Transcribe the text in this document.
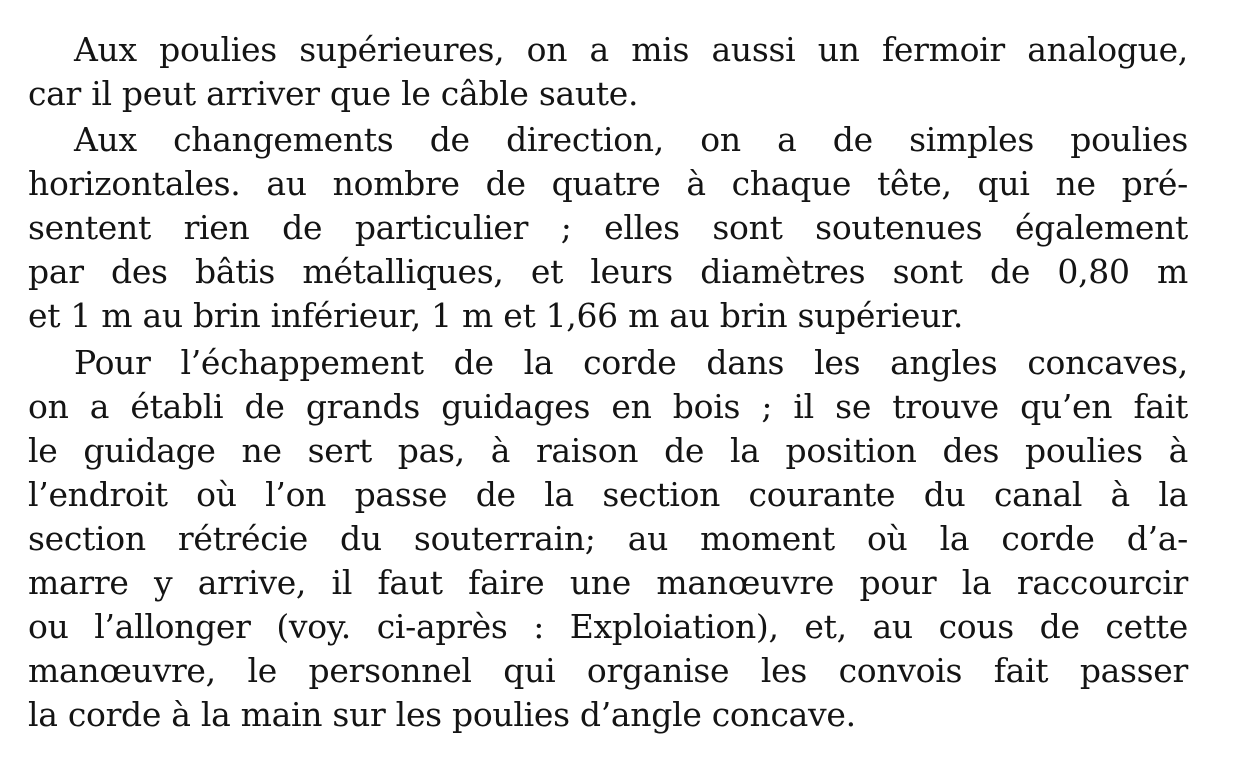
Aux poulies supérieures, on a mis aussi un fermoir analogue,
car il peut arriver que le câble saute.
Aux changements de direction, on a de simples poulies
horizontales. au nombre de quatre à chaque tête, qui ne pré-
sentent rien de particulier ; elles sont soutenues également
par des bâtis métalliques, et leurs diamètres sont de 0,80 m
et 1 m au brin inférieur, 1 m et 1,66 m au brin supérieur.
Pour l’échappement de la corde dans les angles concaves,
on a établi de grands guidages en bois ; il se trouve qu’en fait
le guidage ne sert pas, à raison de la position des poulies à
l’endroit où l’on passe de la section courante du canal à la
section rétrécie du souterrain; au moment où la corde d’a-
marre y arrive, il faut faire une manœuvre pour la raccourcir
ou l’allonger (voy. ci-après : Exploiation), et, au cous de cette
manœuvre, le personnel qui organise les convois fait passer
la corde à la main sur les poulies d’angle concave.
